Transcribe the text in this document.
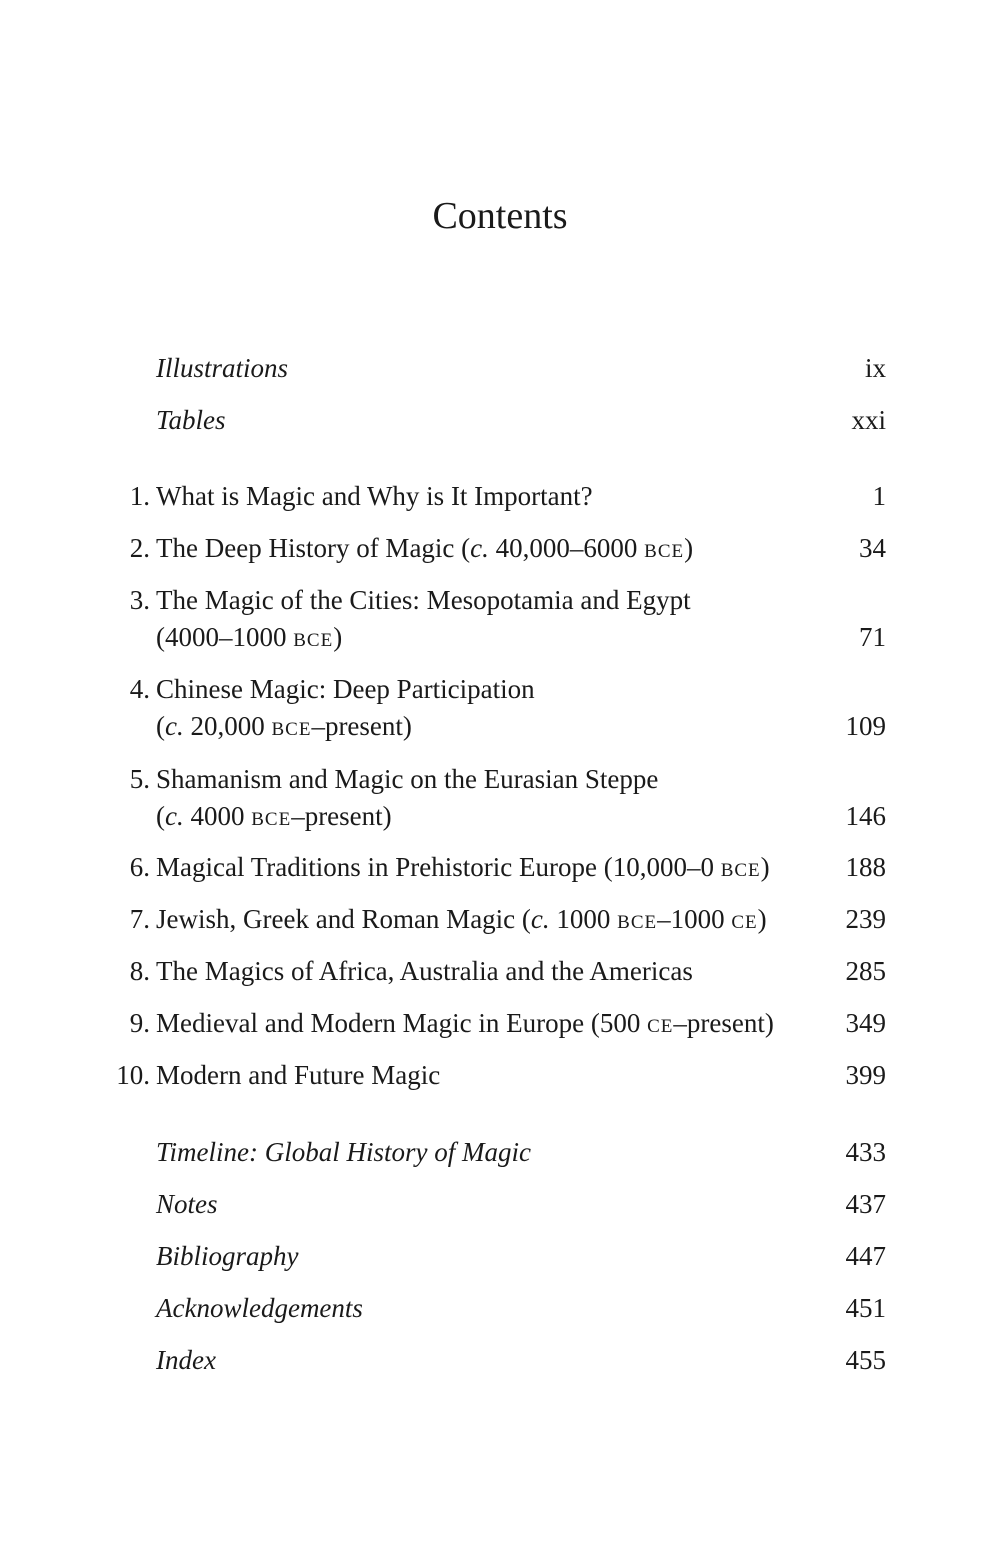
Contents
Illustrations	ix
Tables	xxi
1. What is Magic and Why is It Important?	1
2. The Deep History of Magic (c. 40,000–6000 BCE)	34
3. The Magic of the Cities: Mesopotamia and Egypt
(4000–1000 BCE)	71
4. Chinese Magic: Deep Participation
(c. 20,000 BCE–present)	109
5. Shamanism and Magic on the Eurasian Steppe
(c. 4000 BCE–present)	146
6. Magical Traditions in Prehistoric Europe (10,000–0 BCE)	188
7. Jewish, Greek and Roman Magic (c. 1000 BCE–1000 CE)	239
8. The Magics of Africa, Australia and the Americas	285
9. Medieval and Modern Magic in Europe (500 CE–present)	349
10. Modern and Future Magic	399
Timeline: Global History of Magic	433
Notes	437
Bibliography	447
Acknowledgements	451
Index	455
